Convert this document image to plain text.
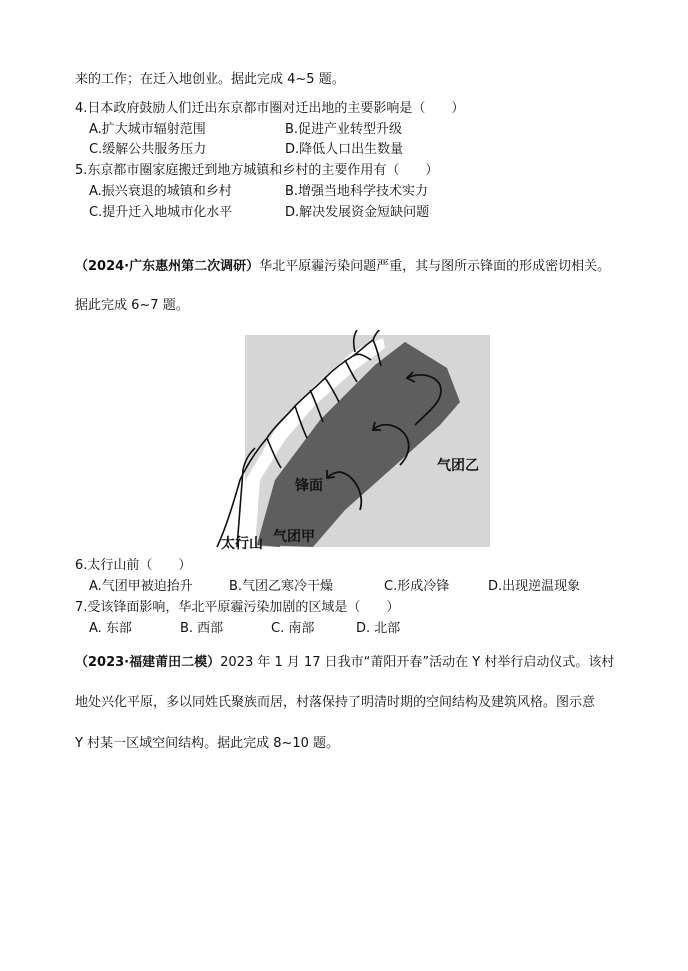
来的工作；在迁入地创业。据此完成 4~5 题。
4.日本政府鼓励人们迁出东京都市圈对迁出地的主要影响是（　　）
A.扩大城市辐射范围	B.促进产业转型升级
C.缓解公共服务压力	D.降低人口出生数量
5.东京都市圈家庭搬迁到地方城镇和乡村的主要作用有（　　）
A.振兴衰退的城镇和乡村	B.增强当地科学技术实力
C.提升迁入地城市化水平	D.解决发展资金短缺问题
（2024·广东惠州第二次调研）华北平原霾污染问题严重，其与图所示锋面的形成密切相关。
据此完成 6~7 题。
气团乙
锋面
气团甲
太行山
6.太行山前（　　）
A.气团甲被迫抬升	B.气团乙寒冷干燥	C.形成冷锋	D.出现逆温现象
7.受该锋面影响，华北平原霾污染加剧的区域是（　　）
A. 东部	B. 西部	C. 南部	D. 北部
（2023·福建莆田二模）2023 年 1 月 17 日我市“莆阳开春”活动在 Y 村举行启动仪式。该村
地处兴化平原，多以同姓氏聚族而居，村落保持了明清时期的空间结构及建筑风格。图示意
Y 村某一区域空间结构。据此完成 8~10 题。
